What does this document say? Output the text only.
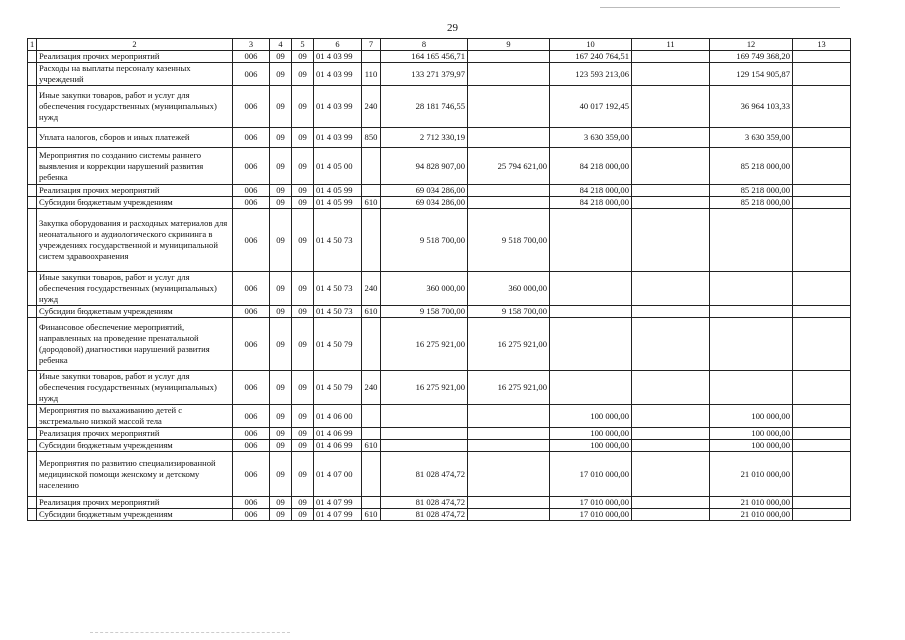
29
1	2	3	4	5	6	7	8	9	10	11	12	13
	Реализация прочих мероприятий	006	09	09	01 4 03 99		164 165 456,71		167 240 764,51		169 749 368,20	
	Расходы на выплаты персоналу казенных учреждений	006	09	09	01 4 03 99	110	133 271 379,97		123 593 213,06		129 154 905,87	
	Иные закупки товаров, работ и услуг для обеспечения государственных (муниципальных) нужд	006	09	09	01 4 03 99	240	28 181 746,55		40 017 192,45		36 964 103,33	
	Уплата налогов, сборов и иных платежей	006	09	09	01 4 03 99	850	2 712 330,19		3 630 359,00		3 630 359,00	
	Мероприятия по созданию системы раннего выявления и коррекции нарушений развития ребенка	006	09	09	01 4 05 00		94 828 907,00	25 794 621,00	84 218 000,00		85 218 000,00	
	Реализация прочих мероприятий	006	09	09	01 4 05 99		69 034 286,00		84 218 000,00		85 218 000,00	
	Субсидии бюджетным учреждениям	006	09	09	01 4 05 99	610	69 034 286,00		84 218 000,00		85 218 000,00	
	Закупка оборудования и расходных материалов для неонатального и аудиологического скрининга в учреждениях государственной и муниципальной систем здравоохранения	006	09	09	01 4 50 73		9 518 700,00	9 518 700,00				
	Иные закупки товаров, работ и услуг для обеспечения государственных (муниципальных) нужд	006	09	09	01 4 50 73	240	360 000,00	360 000,00				
	Субсидии бюджетным учреждениям	006	09	09	01 4 50 73	610	9 158 700,00	9 158 700,00				
	Финансовое обеспечение мероприятий, направленных на проведение пренатальной (дородовой) диагностики нарушений развития ребенка	006	09	09	01 4 50 79		16 275 921,00	16 275 921,00				
	Иные закупки товаров, работ и услуг для обеспечения государственных (муниципальных) нужд	006	09	09	01 4 50 79	240	16 275 921,00	16 275 921,00				
	Мероприятия по выхаживанию детей с экстремально низкой массой тела	006	09	09	01 4 06 00				100 000,00		100 000,00	
	Реализация прочих мероприятий	006	09	09	01 4 06 99				100 000,00		100 000,00	
	Субсидии бюджетным учреждениям	006	09	09	01 4 06 99	610			100 000,00		100 000,00	
	Мероприятия по развитию специализированной медицинской помощи женскому и детскому населению	006	09	09	01 4 07 00		81 028 474,72		17 010 000,00		21 010 000,00	
	Реализация прочих мероприятий	006	09	09	01 4 07 99		81 028 474,72		17 010 000,00		21 010 000,00	
	Субсидии бюджетным учреждениям	006	09	09	01 4 07 99	610	81 028 474,72		17 010 000,00		21 010 000,00	
